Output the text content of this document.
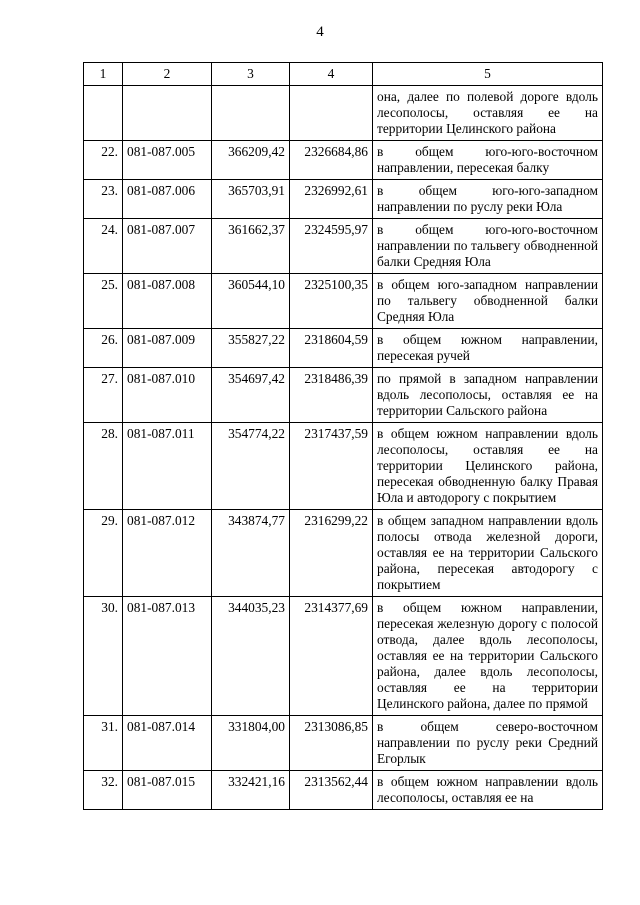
4
1	2	3	4	5
				она, далее по полевой дороге вдоль лесополосы, оставляя ее на территории Целинского района
22.	081-087.005	366209,42	2326684,86	в общем юго-юго-восточном направлении, пересекая балку
23.	081-087.006	365703,91	2326992,61	в общем юго-юго-западном направлении по руслу реки Юла
24.	081-087.007	361662,37	2324595,97	в общем юго-юго-восточном направлении по тальвегу обводненной балки Средняя Юла
25.	081-087.008	360544,10	2325100,35	в общем юго-западном направлении по тальвегу обводненной балки Средняя Юла
26.	081-087.009	355827,22	2318604,59	в общем южном направлении, пересекая ручей
27.	081-087.010	354697,42	2318486,39	по прямой в западном направлении вдоль лесополосы, оставляя ее на территории Сальского района
28.	081-087.011	354774,22	2317437,59	в общем южном направлении вдоль лесополосы, оставляя ее на территории Целинского района, пересекая обводненную балку Правая Юла и автодорогу с покрытием
29.	081-087.012	343874,77	2316299,22	в общем западном направлении вдоль полосы отвода железной дороги, оставляя ее на территории Сальского района, пересекая автодорогу с покрытием
30.	081-087.013	344035,23	2314377,69	в общем южном направлении, пересекая железную дорогу с полосой отвода, далее вдоль лесополосы, оставляя ее на территории Сальского района, далее вдоль лесополосы, оставляя ее на территории Целинского района, далее по прямой
31.	081-087.014	331804,00	2313086,85	в общем северо-восточном направлении по руслу реки Средний Егорлык
32.	081-087.015	332421,16	2313562,44	в общем южном направлении вдоль лесополосы, оставляя ее на
